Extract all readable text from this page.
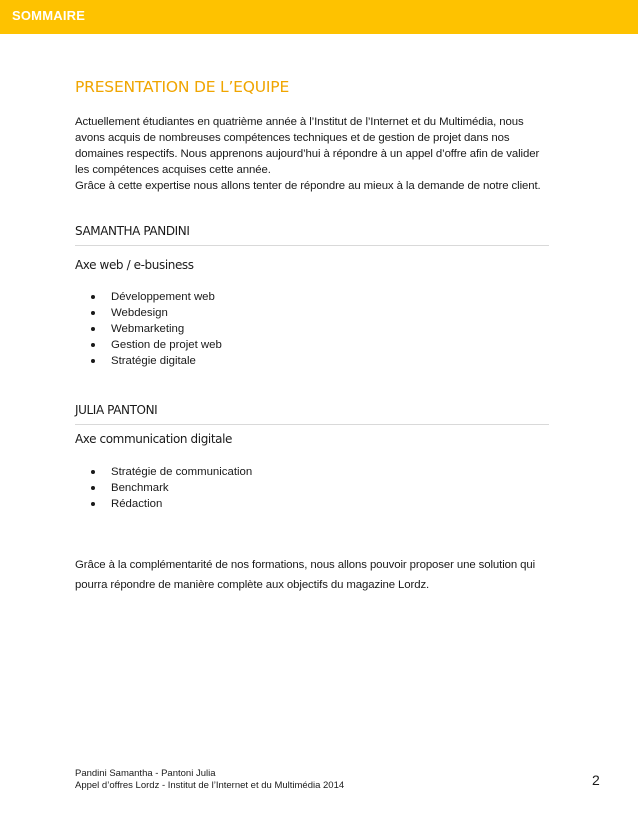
SOMMAIRE
PRESENTATION DE L’EQUIPE

Actuellement étudiantes en quatrième année à l’Institut de l’Internet et du Multimédia, nous

avons acquis de nombreuses compétences techniques et de gestion de projet dans nos

domaines respectifs. Nous apprenons aujourd’hui à répondre à un appel d’offre afin de valider

les compétences acquises cette année.

Grâce à cette expertise nous allons tenter de répondre au mieux à la demande de notre client.

SAMANTHA PANDINI
Axe web / e-business
Développement web
Webdesign
Webmarketing
Gestion de projet web
Stratégie digitale
JULIA PANTONI
Axe communication digitale
Stratégie de communication
Benchmark
Rédaction

Grâce à la complémentarité de nos formations, nous allons pouvoir proposer une solution qui

pourra répondre de manière complète aux objectifs du magazine Lordz.

Pandini Samantha - Pantoni Julia
Appel d’offres Lordz - Institut de l’Internet et du Multimédia 2014	2
